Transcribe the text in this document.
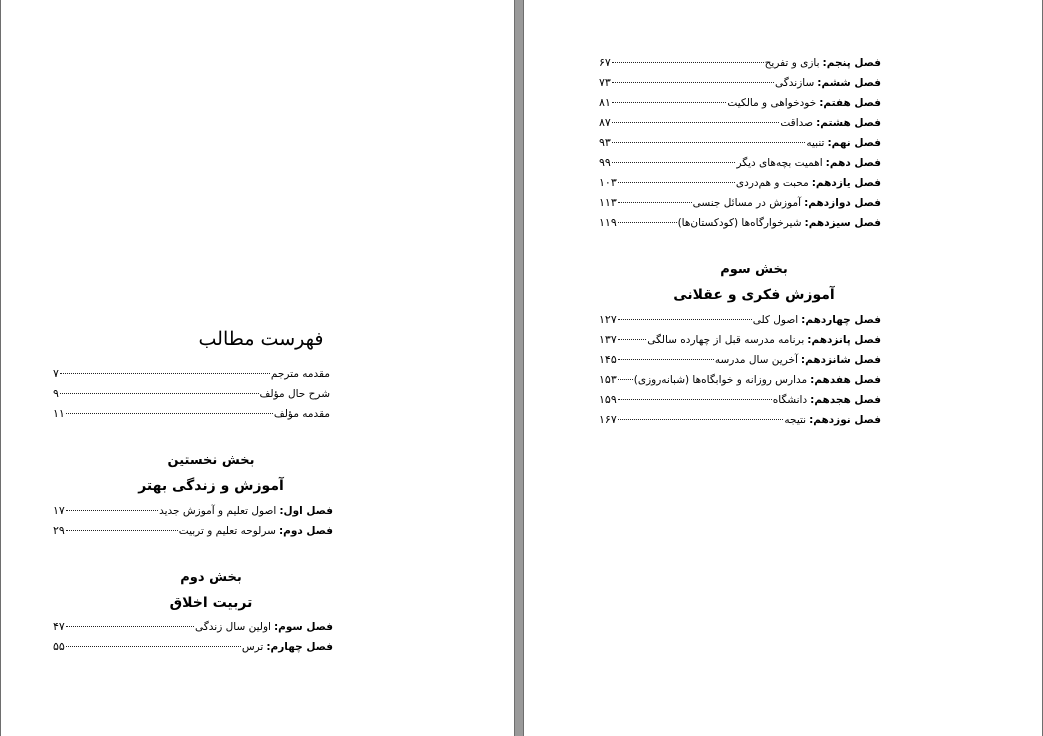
فهرست مطالب
مقدمه مترجم
۷
شرح حال مؤلف
۹
مقدمه مؤلف
۱۱
بخش نخستین
آموزش و زندگی بهتر
فصل اول:
اصول تعلیم و آموزش جدید
۱۷
فصل دوم:
سرلوحه تعلیم و تربیت
۲۹
بخش دوم
تربیت اخلاق
فصل سوم:
اولین سال زندگی
۴۷
فصل چهارم:
ترس
۵۵
فصل پنجم:
بازی و تفریح
۶۷
فصل ششم:
سازندگی
۷۳
فصل هفتم:
خودخواهی و مالکیت
۸۱
فصل هشتم:
صداقت
۸۷
فصل نهم:
تنبیه
۹۳
فصل دهم:
اهمیت بچه‌های دیگر
۹۹
فصل یازدهم:
محبت و هم‌دردی
۱۰۳
فصل دوازدهم:
آموزش در مسائل جنسی
۱۱۳
فصل سیزدهم:
شیرخوارگاه‌ها (کودکستان‌ها)
۱۱۹
بخش سوم
آموزش فکری و عقلانی
فصل چهاردهم:
اصول کلی
۱۲۷
فصل پانزدهم:
برنامه مدرسه قبل از چهارده سالگی
۱۳۷
فصل شانزدهم:
آخرین سال مدرسه
۱۴۵
فصل هفدهم:
مدارس روزانه و خوابگاه‌ها (شبانه‌روزی)
۱۵۳
فصل هجدهم:
دانشگاه
۱۵۹
فصل نوزدهم:
نتیجه
۱۶۷
